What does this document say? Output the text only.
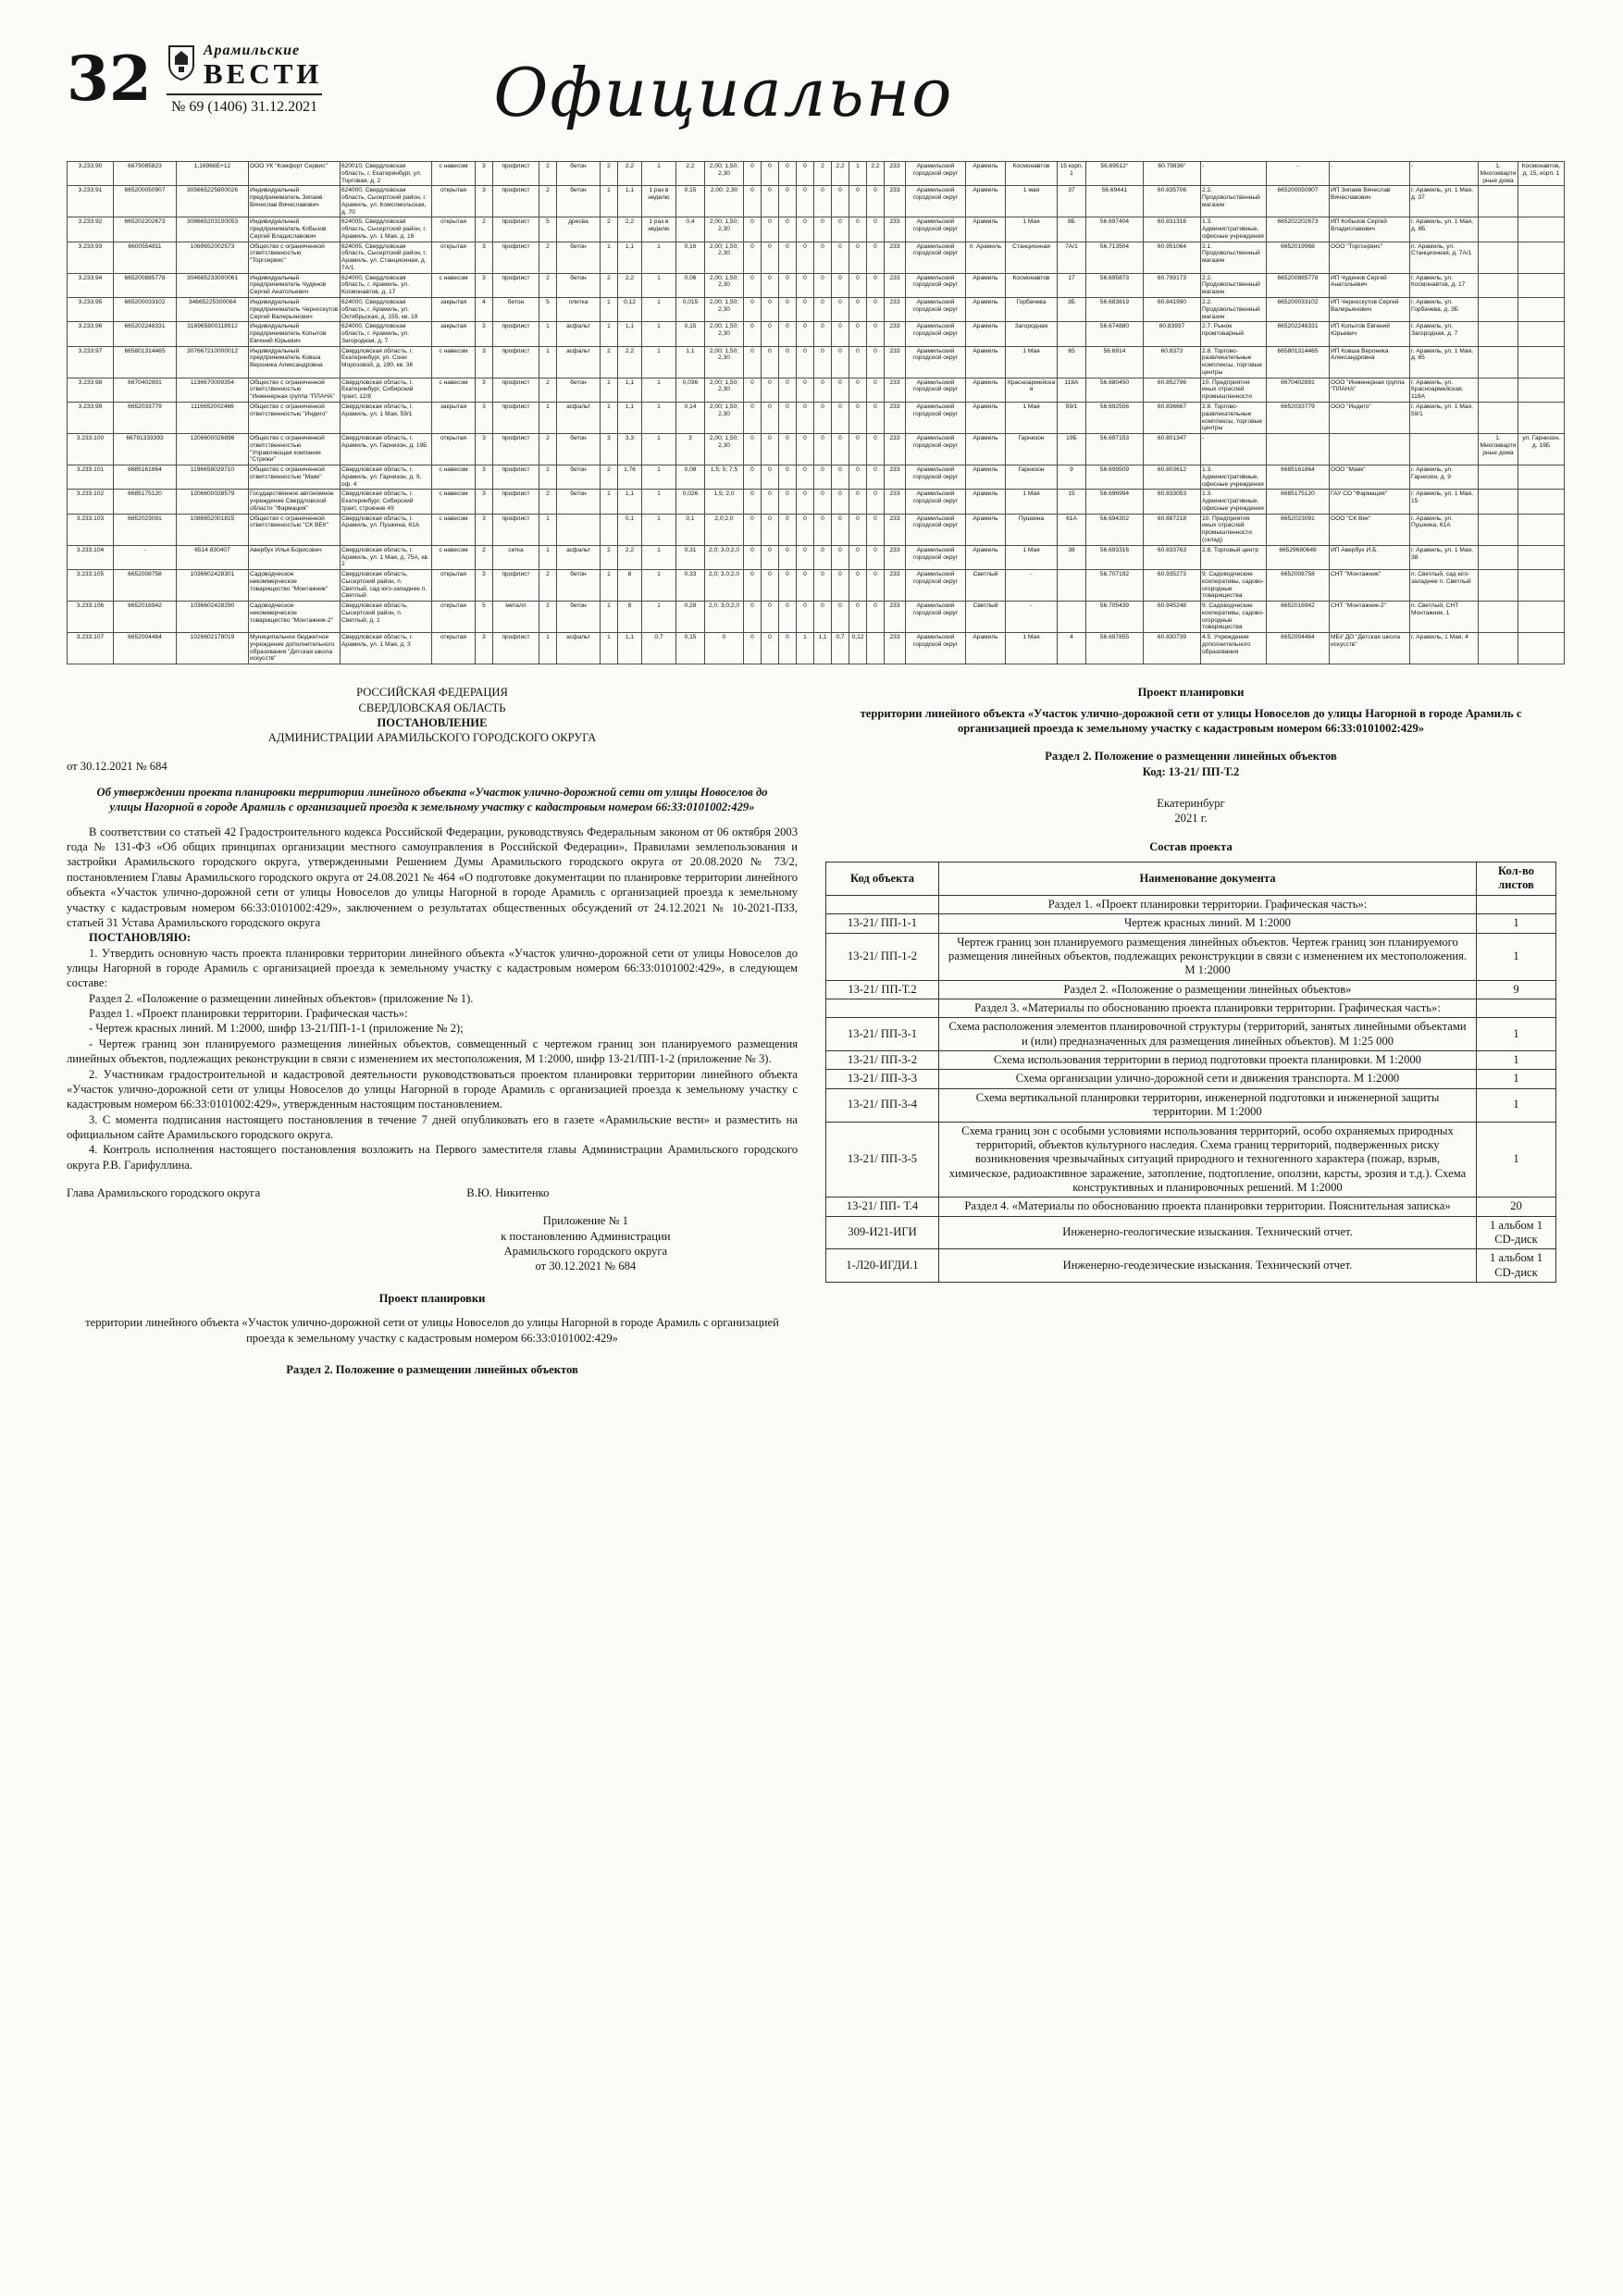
32	Арамильские
ВЕСТИ
№ 69 (1406) 31.12.2021	Официально
3.233.90	6679085823	1,16966Е+12	ООО УК "Комфорт Сервис"	620010, Свердловская область, г. Екатеринбург, ул. Торговая, д. 2	с навесом	3	профлист	2	бетон	2	2,2	1	2,2	2,00; 1,50; 2,30	0	0	0	0	2	2,2	1	2,2	233	Арамильский городской округ	Арамиль	Космонавтов	15 корп. 1	56.69512°	60.79836°	-	-	-	-	1. Многоквартирные дома	Космонавтов, д. 15, корп. 1
3.233.91	665200050907	305665225800026	Индивидуальный предприниматель Зипаев Вячеслав Вячеславович	624000, Свердловская область, Сысертский район, г. Арамиль, ул. Комсомольская, д. 70	открытая	3	профлист	2	бетон	1	1,1	1 раз в неделю	0,15	2,00; 2,30	0	0	0	0	0	0	0	0	233	Арамильский городской округ	Арамиль	1 мая	37	56.69441	60.835706	2.2. Продовольственный магазин	665200050907	ИП Зипаев Вячеслав Вячеславович	г. Арамиль, ул. 1 Мая, д. 37		
3.233.92	665202202673	308665203100053	Индивидуальный предприниматель Кобызов Сергей Владиславович	624005, Свердловская область, Сысертский район, г. Арамиль, ул. 1 Мая, д. 16	открытая	2	профлист	5	дресва	2	2,2	1 раз в неделю	0,4	2,00; 1,50; 2,30	0	0	0	0	0	0	0	0	233	Арамильский городской округ	Арамиль	1 Мая	8Б	56.697404	60.831316	1.3. Административные, офисные учреждения	665202202673	ИП Кобызов Сергей Владиславович	г. Арамиль, ул. 1 Мая, д. 8Б		
3.233.93	6600554811	1069652002573	Общество с ограниченной ответственностью "Торгсервис"	624005, Свердловская область, Сысертский район, г. Арамиль, ул. Станционная, д. 7А/1	открытая	3	профлист	2	бетон	1	1,1	1	0,16	2,00; 1,50; 2,30	0	0	0	0	0	0	0	0	233	Арамильский городской округ	п. Арамиль	Станционная	7А/1	56.713504	60.951064	2.1. Продовольственный магазин	6652019968	ООО "Торгсервис"	п. Арамиль, ул. Станционная, д. 7А/1		
3.233.94	665200885778	304665233000061	Индивидуальный предприниматель Чудинов Сергей Анатольевич	624000, Свердловская область, г. Арамиль, ул. Космонавтов, д. 17	с навесом	3	профлист	2	бетон	2	2,2	1	0,06	2,00; 1,50; 2,30	0	0	0	0	0	0	0	0	233	Арамильский городской округ	Арамиль	Космонавтов	17	56.695873	60.799173	2.2. Продовольственный магазин	665200885778	ИП Чудинов Сергей Анатольевич	г. Арамиль, ул. Космонавтов, д. 17		
3.233.95	665200033102	34665225300064	Индивидуальный предприниматель Черноскутов Сергей Валерьянович	624000, Свердловская область, г. Арамиль, ул. Октябрьская, д. 155, кв. 19	закрытая	4	бетон	5	плитка	1	0,12	1	0,015	2,00; 1,50; 2,30	0	0	0	0	0	0	0	0	233	Арамильский городской округ	Арамиль	Горбачева	3Б	56.683819	60.841990	2.2. Продовольственный магазин	665200033102	ИП Черноскутов Сергей Валерьянович	г. Арамиль, ул. Горбачева, д. 3Б		
3.233.96	665202248331	316965800118912	Индивидуальный предприниматель Копытов Евгений Юрьевич	624000, Свердловская область, г. Арамиль, ул. Загородная, д. 7	закрытая	3	профлист	1	асфальт	1	1,1	1	0,15	2,00; 1,50; 2,30	0	0	0	0	0	0	0	0	233	Арамильский городской округ	Арамиль	Загородная		56.674880	60.83937	2.7. Рынок промтоварный	665202248331	ИП Копытов Евгений Юрьевич	г. Арамиль, ул. Загородная, д. 7		
3.233.97	665801314465	307667210000012	Индивидуальный предприниматель Ковша Вероника Александровна	Свердловская область, г. Екатеринбург, ул. Сони Морозовой, д. 190, кв. 36	с навесом	3	профлист	1	асфальт	2	2,2	1	1,1	2,00; 1,50; 2,30	0	0	0	0	0	0	0	0	233	Арамильский городской округ	Арамиль	1 Мая	65	56.6914	60.8372	2.8. Торгово-развлекательные комплексы, торговые центры	665801314465	ИП Ковша Вероника Александровна	г. Арамиль, ул. 1 Мая, д. 65		
3.233.98	6670402891	1136670009354	Общество с ограниченной ответственностью "Инженерная группа "ПЛАНА"	Свердловская область, г. Екатеринбург, Сибирский тракт, 12/8	с навесом	3	профлист	2	бетон	1	1,1	1	0,036	2,00; 1,50; 2,30	0	0	0	0	0	0	0	0	233	Арамильский городской округ	Арамиль	Красноармейская	118А	56.680450	60.852796	10. Предприятия иных отраслей промышленности	6670402891	ООО "Инженерная группа "ПЛАНА"	г. Арамиль, ул. Красноармейская, 118А		
3.233.99	6652033779	1116652002466	Общество с ограниченной ответственностью "Индиго"	Свердловская область, г. Арамиль, ул. 1 Мая, 59/1	закрытая	3	профлист	1	асфальт	1	1,1	1	0,14	2,00; 1,50; 2,30	0	0	0	0	0	0	0	0	233	Арамильский городской округ	Арамиль	1 Мая	59/1	56.692556	60.836667	2.8. Торгово-развлекательные комплексы, торговые центры	6652033779	ООО "Индиго"	г. Арамиль, ул. 1 Мая, 59/1		
3.233.100	66791333393	1206600026896	Общество с ограниченной ответственностью "Управляющая компания "Стрижи"	Свердловская область, г. Арамиль, ул. Гарнизон, д. 19Б	открытая	3	профлист	2	бетон	3	3,3	1	3	2,00; 1,50; 2,30	0	0	0	0	0	0	0	0	233	Арамильский городской округ	Арамиль	Гарнизон	19Б	56.697153	60.801347	-				1. Многоквартирные дома	ул. Гарнизон, д. 19Б
3.233.101	6685161864	1196658029710	Общество с ограниченной ответственностью "Маяк"	Свердловская область, г. Арамиль, ул. Гарнизон, д. 9, оф. 4	с навесом	3	профлист	2	бетон	2	1,76	1	0,08	1,5; 5; 7,5	0	0	0	0	0	0	0	0	233	Арамильский городской округ	Арамиль	Гарнизон	9	56.699509	60.803612	1.3. Административные, офисные учреждения	6685161864	ООО "Маяк"	г. Арамиль, ул. Гарнизон, д. 9		
3.233.102	6685175120	1206600028579	Государственное автономное учреждение Свердловской области "Фармация"	Свердловская область, г. Екатеринбург, Сибирский тракт, строение 49	с навесом	3	профлист	2	бетон	1	1,1	1	0,026	1,5; 2,0	0	0	0	0	0	0	0	0	233	Арамильский городской округ	Арамиль	1 Мая	15	56.696994	60.833053	1.3. Административные, офисные учреждения	6685175120	ГАУ СО "Фармация"	г. Арамиль, ул. 1 Мая, 15		
3.233.103	6652023091	1086652001815	Общество с ограниченной ответственностью "СК ВЕК"	Свердловская область, г. Арамиль, ул. Пушкина, 61А	с навесом	3	профлист	1			0,1	1	0,1	2,0;2,0	0	0	0	0	0	0	0	0	233	Арамильский городской округ	Арамиль	Пушкина	61А	56.694302	60.887218	10. Предприятия иных отраслей промышленности (склад)	6652023091	ООО "СК Век"	г. Арамиль, ул. Пушкина, 61А		
3.233.104	-	6514 830407	Авербух Илья Борисович	Свердловская область, г. Арамиль, ул. 1 Мая, д. 75А, кв. 2	с навесом	2	сетка	1	асфальт	2	2,2	1	0,31	2,0; 3,0;2,0	0	0	0	0	0	0	0	0	233	Арамильский городской округ	Арамиль	1 Мая	38	56.693316	60.833763	2.8. Торговый центр	66529680648	ИП Авербух И.Б.	г. Арамиль, ул. 1 Мая, 38		
3.233.105	6652008758	1036602428301	Садоводческое некоммерческое товарищество "Монтажник"	Свердловская область, Сысертский район, п. Светлый, сад юго-западнее п. Светлый	открытая	3	профлист	2	бетон	1	8	1	0,33	2,0; 3,0;2,0	0	0	0	0	0	0	0	0	233	Арамильский городской округ	Светлый	-		56.707192	60.935273	9. Садоводческие кооперативы, садово-огородные товарищества	6652008758	СНТ "Монтажник"	п. Светлый, сад юго-западнее п. Светлый		
3.233.106	6652016942	1036602428290	Садоводческое некоммерческое товарищество "Монтажник-2"	Свердловская область, Сысертский район, п. Светлый, д. 1	открытая	5	металл	2	бетон	1	8	1	0,28	2,0; 3,0;2,0	0	0	0	0	0	0	0	0	233	Арамильский городской округ	Светлый	-		56.705439	60.945248	9. Садоводческие кооперативы, садово-огородные товарищества	6652016942	СНТ "Монтажник-2"	п. Светлый, СНТ Монтажник, 1		
3.233.107	6652004464	1026602178019	Муниципальное бюджетное учреждение дополнительного образования "Детская школа искусств"	Свердловская область, г. Арамиль, ул. 1 Мая, д. 3	открытая	3	профлист	1	асфальт	1	1,1	0,7	0,15	0	0	0	0	1	1,1	0,7	0,12		233	Арамильский городской округ	Арамиль	1 Мая	4	56.697855	60.830739	4.5. Учреждение дополнительного образования	6652004464	МБУ ДО "Детская школа искусств"	г. Арамиль, 1 Мая, 4		
РОССИЙСКАЯ ФЕДЕРАЦИЯ
СВЕРДЛОВСКАЯ ОБЛАСТЬ
ПОСТАНОВЛЕНИЕ
АДМИНИСТРАЦИИ АРАМИЛЬСКОГО ГОРОДСКОГО ОКРУГА
от 30.12.2021 № 684
Об утверждении проекта планировки территории линейного объекта «Участок улично-дорожной сети от улицы Новоселов до улицы Нагорной в городе Арамиль с организацией проезда к земельному участку с кадастровым номером 66:33:0101002:429»

В соответствии со статьей 42 Градостроительного кодекса Российской Федерации, руководствуясь Федеральным законом от 06 октября 2003 года № 131-ФЗ «Об общих принципах организации местного самоуправления в Российской Федерации», Правилами землепользования и застройки Арамильского городского округа, утвержденными Решением Думы Арамильского городского округа от 20.08.2020 № 73/2, постановлением Главы Арамильского городского округа от 24.08.2021 № 464 «О подготовке документации по планировке территории линейного объекта «Участок улично-дорожной сети от улицы Новоселов до улицы Нагорной в городе Арамиль с организацией проезда к земельному участку с кадастровым номером 66:33:0101002:429», заключением о результатах общественных обсуждений от 24.12.2021 № 10-2021-ПЗЗ, статьей 31 Устава Арамильского городского округа

ПОСТАНОВЛЯЮ:

1. Утвердить основную часть проекта планировки территории линейного объекта «Участок улично-дорожной сети от улицы Новоселов до улицы Нагорной в городе Арамиль с организацией проезда к земельному участку с кадастровым номером 66:33:0101002:429», в следующем составе:

Раздел 2. «Положение о размещении линейных объектов» (приложение № 1).

Раздел 1. «Проект планировки территории. Графическая часть»:

- Чертеж красных линий. М 1:2000, шифр 13-21/ПП-1-1 (приложение № 2);

- Чертеж границ зон планируемого размещения линейных объектов, совмещенный с чертежом границ зон планируемого размещения линейных объектов, подлежащих реконструкции в связи с изменением их местоположения, М 1:2000, шифр 13-21/ПП-1-2 (приложение № 3).

2. Участникам градостроительной и кадастровой деятельности руководствоваться проектом планировки территории линейного объекта «Участок улично-дорожной сети от улицы Новоселов до улицы Нагорной в городе Арамиль с организацией проезда к земельному участку с кадастровым номером 66:33:0101002:429», утвержденным настоящим постановлением.

3. С момента подписания настоящего постановления в течение 7 дней опубликовать его в газете «Арамильские вести» и разместить на официальном сайте Арамильского городского округа.

4. Контроль исполнения настоящего постановления возложить на Первого заместителя главы Администрации Арамильского городского округа Р.В. Гарифуллина.

Глава Арамильского городского округа	В.Ю. Никитенко

Приложение № 1

к постановлению Администрации

Арамильского городского округа

от 30.12.2021 № 684

Проект планировки
территории линейного объекта «Участок улично-дорожной сети от улицы Новоселов до улицы Нагорной в городе Арамиль с организацией проезда к земельному участку с кадастровым номером 66:33:0101002:429»
Раздел 2. Положение о размещении линейных объектов
Проект планировки
территории линейного объекта «Участок улично-дорожной сети от улицы Новоселов до улицы Нагорной в городе Арамиль с организацией проезда к земельному участку с кадастровым номером 66:33:0101002:429»
Раздел 2. Положение о размещении линейных объектов
Код: 13-21/ ПП-Т.2
Екатеринбург
2021 г.
Состав проекта
Код объекта	Наименование документа	Кол-во листов
	Раздел 1. «Проект планировки территории. Графическая часть»:	
13-21/ ПП-1-1	Чертеж красных линий. М 1:2000	1
13-21/ ПП-1-2	Чертеж границ зон планируемого размещения линейных объектов. Чертеж границ зон планируемого размещения линейных объектов, подлежащих реконструкции в связи с изменением их местоположения. М 1:2000	1
13-21/ ПП-Т.2	Раздел 2. «Положение о размещении линейных объектов»	9
	Раздел 3. «Материалы по обоснованию проекта планировки территории. Графическая часть»:	
13-21/ ПП-3-1	Схема расположения элементов планировочной структуры (территорий, занятых линейными объектами и (или) предназначенных для размещения линейных объектов). М 1:25 000	1
13-21/ ПП-3-2	Схема использования территории в период подготовки проекта планировки. М 1:2000	1
13-21/ ПП-3-3	Схема организации улично-дорожной сети и движения транспорта. М 1:2000	1
13-21/ ПП-3-4	Схема вертикальной планировки территории, инженерной подготовки и инженерной защиты территории. М 1:2000	1
13-21/ ПП-3-5	Схема границ зон с особыми условиями использования территорий, особо охраняемых природных территорий, объектов культурного наследия. Схема границ территорий, подверженных риску возникновения чрезвычайных ситуаций природного и техногенного характера (пожар, взрыв, химическое, радиоактивное заражение, затопление, подтопление, оползни, карсты, эрозия и т.д.). Схема конструктивных и планировочных решений. М 1:2000	1
13-21/ ПП- Т.4	Раздел 4. «Материалы по обоснованию проекта планировки территории. Пояснительная записка»	20
309-И21-ИГИ	Инженерно-геологические изыскания. Технический отчет.	1 альбом 1 CD-диск
1-Л20-ИГДИ.1	Инженерно-геодезические изыскания. Технический отчет.	1 альбом 1 CD-диск
